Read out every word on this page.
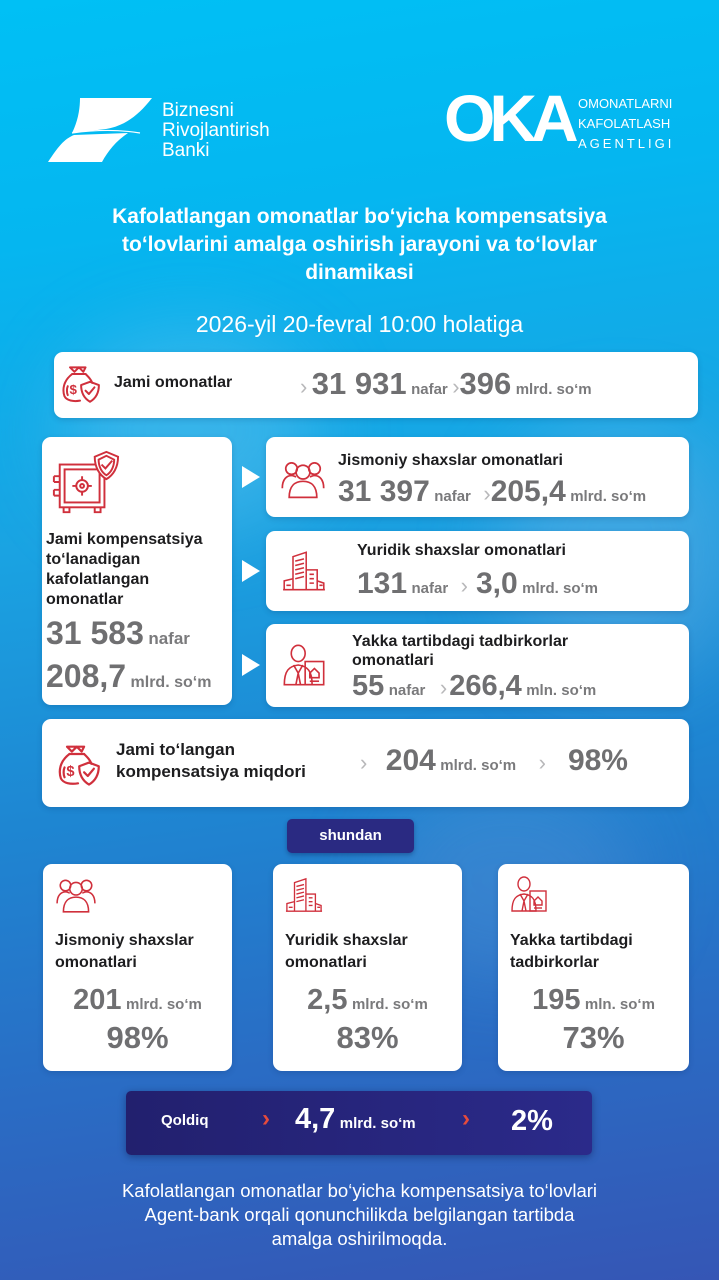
Biznesni
Rivojlantirish
Banki	OKA OMONATLARNI
KAFOLATLASH
AGENTLIGI
Kafolatlangan omonatlar bo‘yicha kompensatsiya
to‘lovlarini amalga oshirish jarayoni va to‘lovlar
dinamikasi
2026-yil 20-fevral 10:00 holatiga
Jami omonatlar	› 31 931 nafar ›396 mlrd. so‘m
Jami kompensatsiya
to‘lanadigan
kafolatlangan
omonatlar
31 583 nafar
208,7 mlrd. so‘m
Jismoniy shaxslar omonatlari
31 397 nafar ›205,4 mlrd. so‘m
Yuridik shaxslar omonatlari
131 nafar › 3,0 mlrd. so‘m
Yakka tartibdagi tadbirkorlar
omonatlari
55 nafar ›266,4 mln. so‘m
Jami to‘langan
kompensatsiya miqdori › 204 mlrd. so‘m › 98%
shundan
Jismoniy shaxslar
omonatlari
201 mlrd. so‘m
98%
Yuridik shaxslar
omonatlari
2,5 mlrd. so‘m
83%
Yakka tartibdagi
tadbirkorlar
195 mln. so‘m
73%
Qoldiq › 4,7 mlrd. so‘m › 2%
Kafolatlangan omonatlar bo‘yicha kompensatsiya to‘lovlari
Agent-bank orqali qonunchilikda belgilangan tartibda
amalga oshirilmoqda.
